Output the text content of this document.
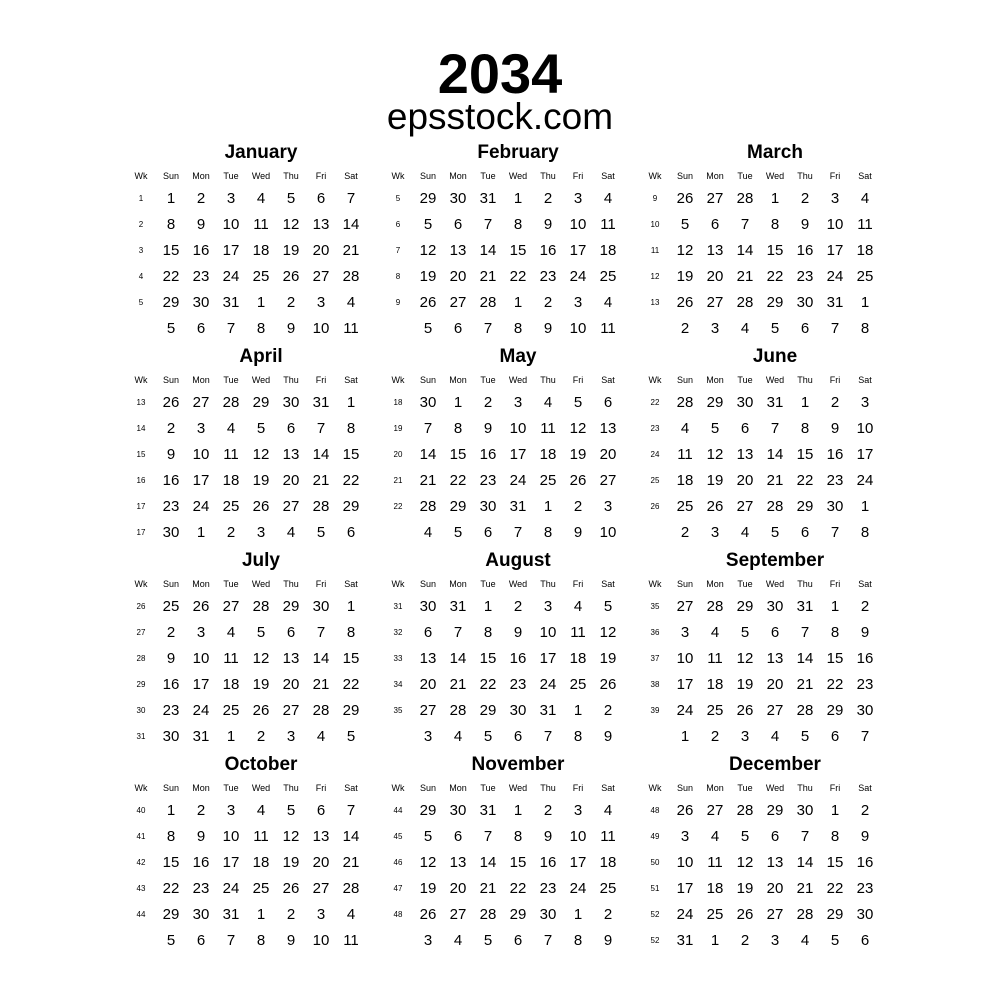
2034
epsstock.com
January
Wk	Sun	Mon	Tue	Wed	Thu	Fri	Sat
1	1	2	3	4	5	6	7
2	8	9	10	11	12	13	14
3	15	16	17	18	19	20	21
4	22	23	24	25	26	27	28
5	29	30	31	1	2	3	4
	5	6	7	8	9	10	11
February
Wk	Sun	Mon	Tue	Wed	Thu	Fri	Sat
5	29	30	31	1	2	3	4
6	5	6	7	8	9	10	11
7	12	13	14	15	16	17	18
8	19	20	21	22	23	24	25
9	26	27	28	1	2	3	4
	5	6	7	8	9	10	11
March
Wk	Sun	Mon	Tue	Wed	Thu	Fri	Sat
9	26	27	28	1	2	3	4
10	5	6	7	8	9	10	11
11	12	13	14	15	16	17	18
12	19	20	21	22	23	24	25
13	26	27	28	29	30	31	1
	2	3	4	5	6	7	8
April
Wk	Sun	Mon	Tue	Wed	Thu	Fri	Sat
13	26	27	28	29	30	31	1
14	2	3	4	5	6	7	8
15	9	10	11	12	13	14	15
16	16	17	18	19	20	21	22
17	23	24	25	26	27	28	29
17	30	1	2	3	4	5	6
May
Wk	Sun	Mon	Tue	Wed	Thu	Fri	Sat
18	30	1	2	3	4	5	6
19	7	8	9	10	11	12	13
20	14	15	16	17	18	19	20
21	21	22	23	24	25	26	27
22	28	29	30	31	1	2	3
	4	5	6	7	8	9	10
June
Wk	Sun	Mon	Tue	Wed	Thu	Fri	Sat
22	28	29	30	31	1	2	3
23	4	5	6	7	8	9	10
24	11	12	13	14	15	16	17
25	18	19	20	21	22	23	24
26	25	26	27	28	29	30	1
	2	3	4	5	6	7	8
July
Wk	Sun	Mon	Tue	Wed	Thu	Fri	Sat
26	25	26	27	28	29	30	1
27	2	3	4	5	6	7	8
28	9	10	11	12	13	14	15
29	16	17	18	19	20	21	22
30	23	24	25	26	27	28	29
31	30	31	1	2	3	4	5
August
Wk	Sun	Mon	Tue	Wed	Thu	Fri	Sat
31	30	31	1	2	3	4	5
32	6	7	8	9	10	11	12
33	13	14	15	16	17	18	19
34	20	21	22	23	24	25	26
35	27	28	29	30	31	1	2
	3	4	5	6	7	8	9
September
Wk	Sun	Mon	Tue	Wed	Thu	Fri	Sat
35	27	28	29	30	31	1	2
36	3	4	5	6	7	8	9
37	10	11	12	13	14	15	16
38	17	18	19	20	21	22	23
39	24	25	26	27	28	29	30
	1	2	3	4	5	6	7
October
Wk	Sun	Mon	Tue	Wed	Thu	Fri	Sat
40	1	2	3	4	5	6	7
41	8	9	10	11	12	13	14
42	15	16	17	18	19	20	21
43	22	23	24	25	26	27	28
44	29	30	31	1	2	3	4
	5	6	7	8	9	10	11
November
Wk	Sun	Mon	Tue	Wed	Thu	Fri	Sat
44	29	30	31	1	2	3	4
45	5	6	7	8	9	10	11
46	12	13	14	15	16	17	18
47	19	20	21	22	23	24	25
48	26	27	28	29	30	1	2
	3	4	5	6	7	8	9
December
Wk	Sun	Mon	Tue	Wed	Thu	Fri	Sat
48	26	27	28	29	30	1	2
49	3	4	5	6	7	8	9
50	10	11	12	13	14	15	16
51	17	18	19	20	21	22	23
52	24	25	26	27	28	29	30
52	31	1	2	3	4	5	6
